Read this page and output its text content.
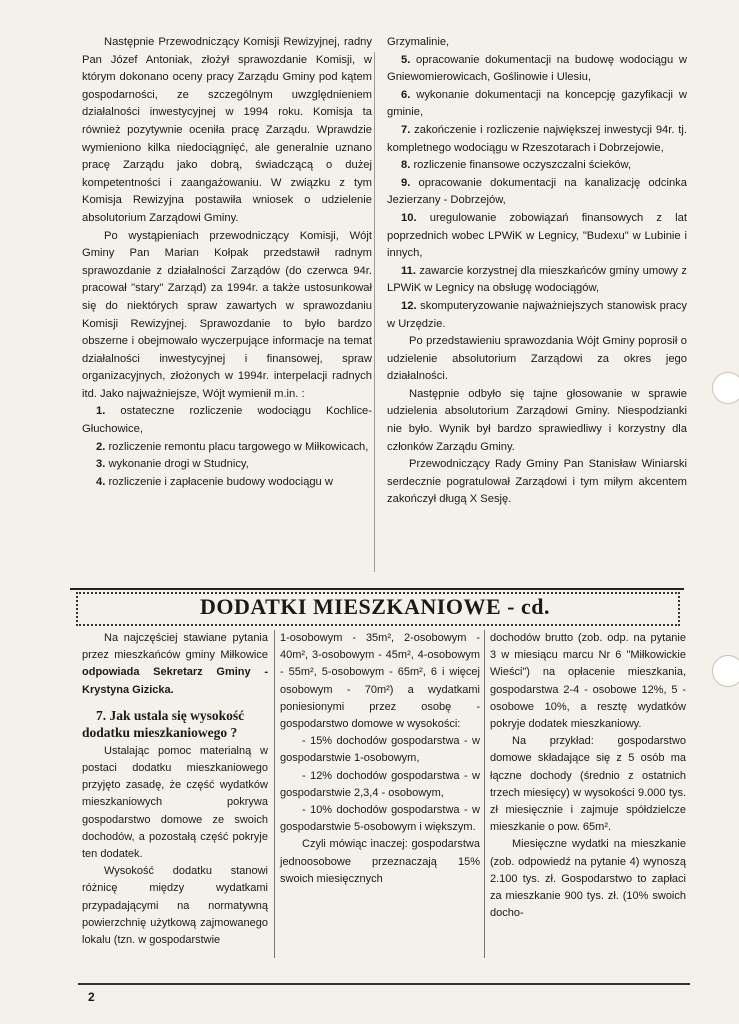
Następnie Przewodniczący Komisji Rewizyjnej, radny Pan Józef Antoniak, złożył sprawozdanie Komisji, w którym dokonano oceny pracy Zarządu Gminy pod kątem gospodarności, ze szczególnym uwzględnieniem działalności inwestycyjnej w 1994 roku. Komisja ta również pozytywnie oceniła pracę Zarządu. Wprawdzie wymieniono kilka niedociągnięć, ale generalnie uznano pracę Zarządu jako dobrą, świadczącą o dużej kompetentności i zaangażowaniu. W związku z tym Komisja Rewizyjna postawiła wniosek o udzielenie absolutorium Zarządowi Gminy.

Po wystąpieniach przewodniczący Komisji, Wójt Gminy Pan Marian Kołpak przedstawił radnym sprawozdanie z działalności Zarządów (do czerwca 94r. pracował "stary" Zarząd) za 1994r. a także ustosunkował się do niektórych spraw zawartych w sprawozdaniu Komisji Rewizyjnej. Sprawozdanie to było bardzo obszerne i obejmowało wyczerpujące informacje na temat działalności inwestycyjnej i finansowej, spraw organizacyjnych, złożonych w 1994r. interpelacji radnych itd. Jako najważniejsze, Wójt wymienił m.in. :

1. ostateczne rozliczenie wodociągu Kochlice-Głuchowice,

2. rozliczenie remontu placu targowego w Miłkowicach,

3. wykonanie drogi w Studnicy,

4. rozliczenie i zapłacenie budowy wodociągu w

Grzymalinie,

5. opracowanie dokumentacji na budowę wodociągu w Gniewomierowicach, Goślinowie i Ulesiu,

6. wykonanie dokumentacji na koncepcję gazyfikacji w gminie,

7. zakończenie i rozliczenie największej inwestycji 94r. tj. kompletnego wodociągu w Rzeszotarach i Dobrzejowie,

8. rozliczenie finansowe oczyszczalni ścieków,

9. opracowanie dokumentacji na kanalizację odcinka Jezierzany - Dobrzejów,

10. uregulowanie zobowiązań finansowych z lat poprzednich wobec LPWiK w Legnicy, "Budexu" w Lubinie i innych,

11. zawarcie korzystnej dla mieszkańców gminy umowy z LPWiK w Legnicy na obsługę wodociągów,

12. skomputeryzowanie najważniejszych stanowisk pracy w Urzędzie.

Po przedstawieniu sprawozdania Wójt Gminy poprosił o udzielenie absolutorium Zarządowi za okres jego działalności.

Następnie odbyło się tajne głosowanie w sprawie udzielenia absolutorium Zarządowi Gminy. Niespodzianki nie było. Wynik był bardzo sprawiedliwy i korzystny dla członków Zarządu Gminy.

Przewodniczący Rady Gminy Pan Stanisław Winiarski serdecznie pogratulował Zarządowi i tym miłym akcentem zakończył długą X Sesję.

DODATKI MIESZKANIOWE - cd.

Na najczęściej stawiane pytania przez mieszkańców gminy Miłkowice odpowiada Sekretarz Gminy - Krystyna Gizicka.

7. Jak ustala się wysokość dodatku mieszkaniowego ?

Ustalając pomoc materialną w postaci dodatku mieszkaniowego przyjęto zasadę, że część wydatków mieszkaniowych pokrywa gospodarstwo domowe ze swoich dochodów, a pozostałą część pokryje ten dodatek.

Wysokość dodatku stanowi różnicę między wydatkami przypadającymi na normatywną powierzchnię użytkową zajmowanego lokalu (tzn. w gospodarstwie

1-osobowym - 35m², 2-osobowym - 40m², 3-osobowym - 45m², 4-osobowym - 55m², 5-osobowym - 65m², 6 i więcej osobowym - 70m²) a wydatkami poniesionymi przez osobę - gospodarstwo domowe w wysokości:

- 15% dochodów gospodarstwa - w gospodarstwie 1-osobowym,

- 12% dochodów gospodarstwa - w gospodarstwie 2,3,4 - osobowym,

- 10% dochodów gospodarstwa - w gospodarstwie 5-osobowym i większym.

Czyli mówiąc inaczej: gospodarstwa jednoosobowe przeznaczają 15% swoich miesięcznych

dochodów brutto (zob. odp. na pytanie 3 w miesiącu marcu Nr 6 "Miłkowickie Wieści") na opłacenie mieszkania, gospodarstwa 2-4 - osobowe 12%, 5 - osobowe 10%, a resztę wydatków pokryje dodatek mieszkaniowy.

Na przykład: gospodarstwo domowe składające się z 5 osób ma łączne dochody (średnio z ostatnich trzech miesięcy) w wysokości 9.000 tys. zł miesięcznie i zajmuje spółdzielcze mieszkanie o pow. 65m².

Miesięczne wydatki na mieszkanie (zob. odpowiedź na pytanie 4) wynoszą 2.100 tys. zł. Gospodarstwo to zapłaci za mieszkanie 900 tys. zł. (10% swoich docho-

2
